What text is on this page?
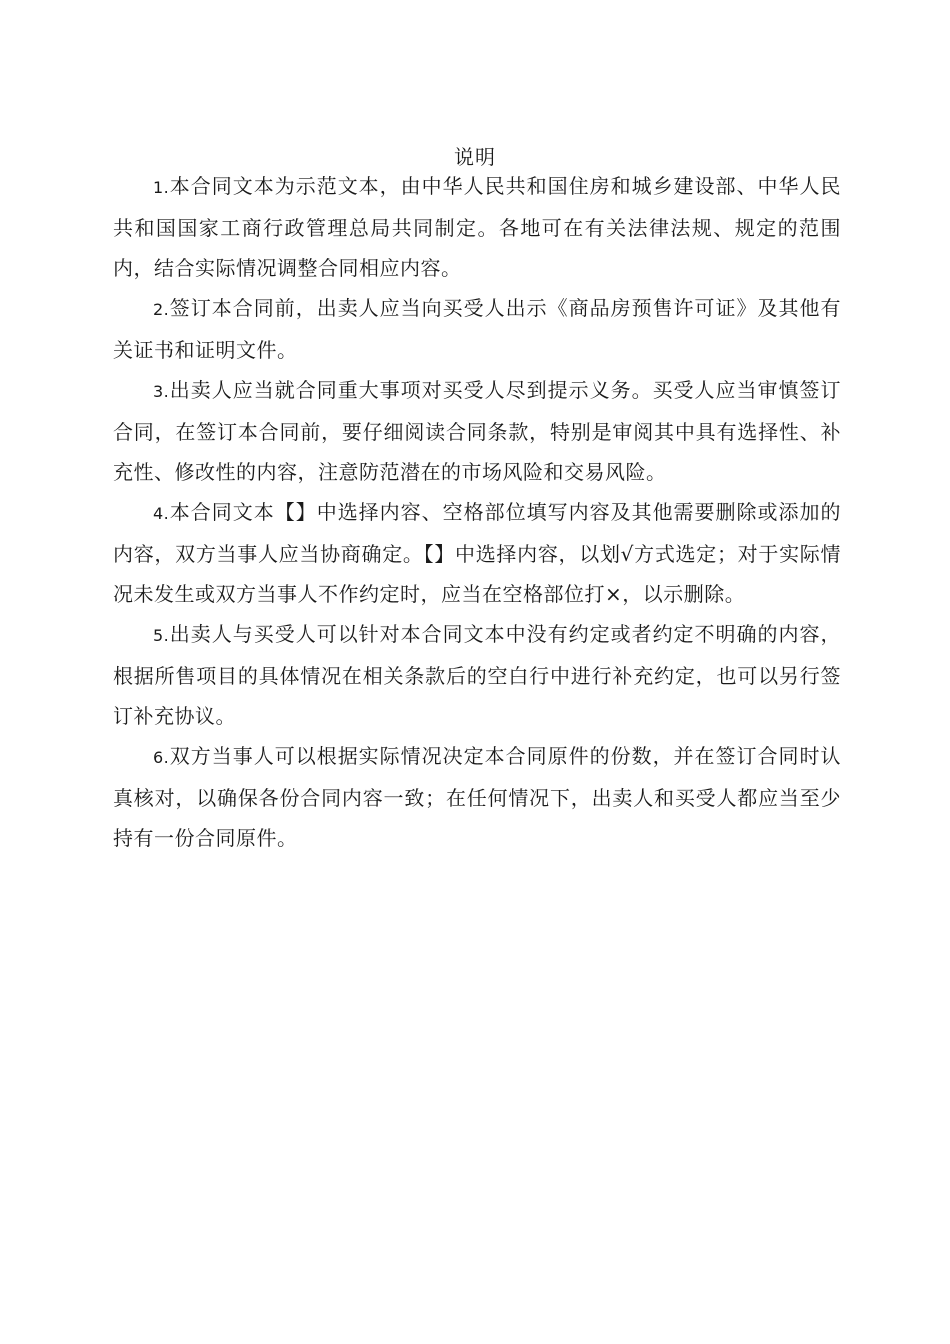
说明

1.本合同文本为示范文本，由中华人民共和国住房和城乡建设部、中华人民共和国国家工商行政管理总局共同制定。各地可在有关法律法规、规定的范围内，结合实际情况调整合同相应内容。

2.签订本合同前，出卖人应当向买受人出示《商品房预售许可证》及其他有关证书和证明文件。

3.出卖人应当就合同重大事项对买受人尽到提示义务。买受人应当审慎签订合同，在签订本合同前，要仔细阅读合同条款，特别是审阅其中具有选择性、补充性、修改性的内容，注意防范潜在的市场风险和交易风险。

4.本合同文本【】中选择内容、空格部位填写内容及其他需要删除或添加的内容，双方当事人应当协商确定。【】中选择内容，以划√方式选定；对于实际情况未发生或双方当事人不作约定时，应当在空格部位打×，以示删除。

5.出卖人与买受人可以针对本合同文本中没有约定或者约定不明确的内容，根据所售项目的具体情况在相关条款后的空白行中进行补充约定，也可以另行签订补充协议。

6.双方当事人可以根据实际情况决定本合同原件的份数，并在签订合同时认真核对，以确保各份合同内容一致；在任何情况下，出卖人和买受人都应当至少持有一份合同原件。
